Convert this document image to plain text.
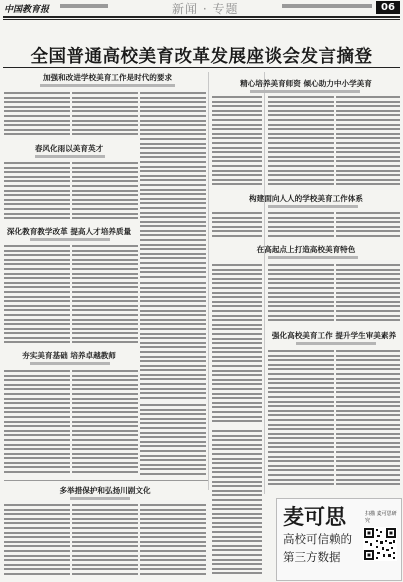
中国教育报	新闻 · 专题	06
全国普通高校美育改革发展座谈会发言摘登
加强和改进学校美育工作是时代的要求
春风化雨以美育英才
深化教育教学改革 提高人才培养质量
夯实美育基础 培养卓越教师
多举措保护和弘扬川剧文化
精心培养美育师资 倾心助力中小学美育
构建面向人人的学校美育工作体系
在高起点上打造高校美育特色
强化高校美育工作 提升学生审美素养
麦可思
高校可信赖的
第三方数据
扫描 麦可思研究
